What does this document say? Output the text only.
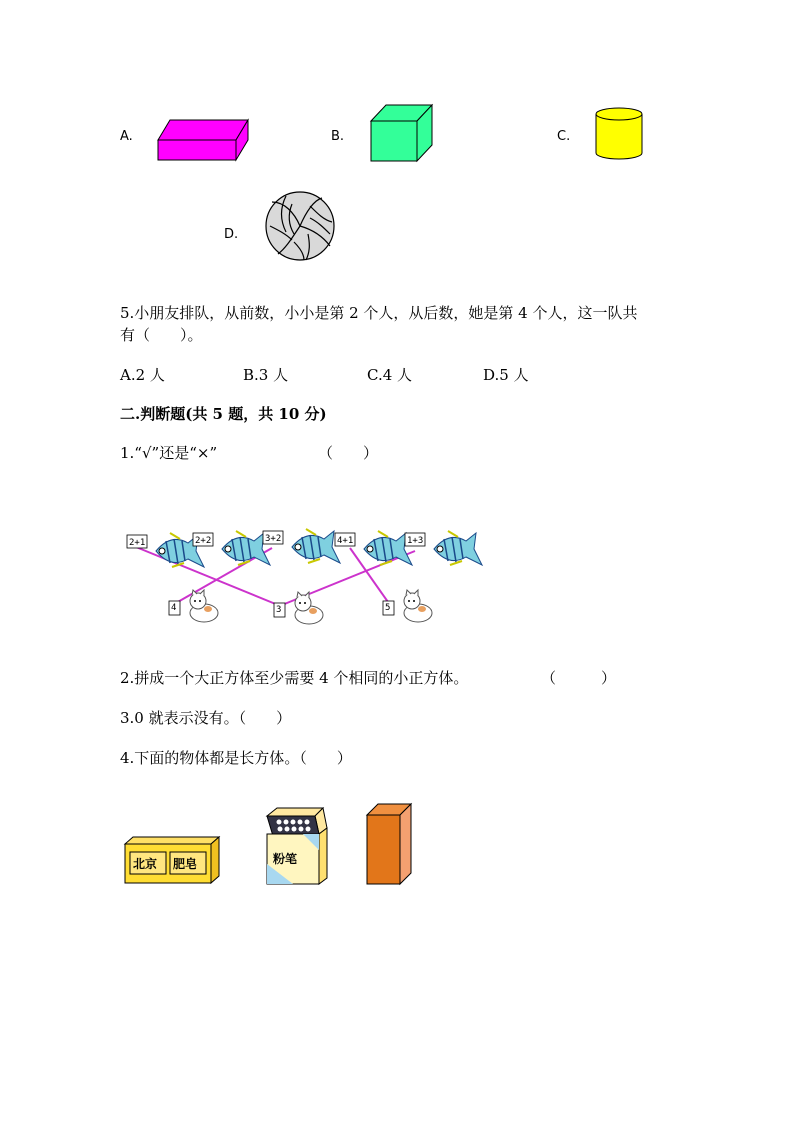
A.	B.	C.
D.
5.小朋友排队，从前数，小小是第 2 个人，从后数，她是第 4 个人，这一队共
有（　　）。
A.2 人	B.3 人	C.4 人	D.5 人
二.判断题(共 5 题，共 10 分)
1.“√”还是“×”	（　　）
2+1	2+2	3+2	4+1	1+3
4	3	5
2.拼成一个大正方体至少需要 4 个相同的小正方体。	（　　　）
3.0 就表示没有。（　　）
4.下面的物体都是长方体。（　　）
北京 肥皂	粉笔
